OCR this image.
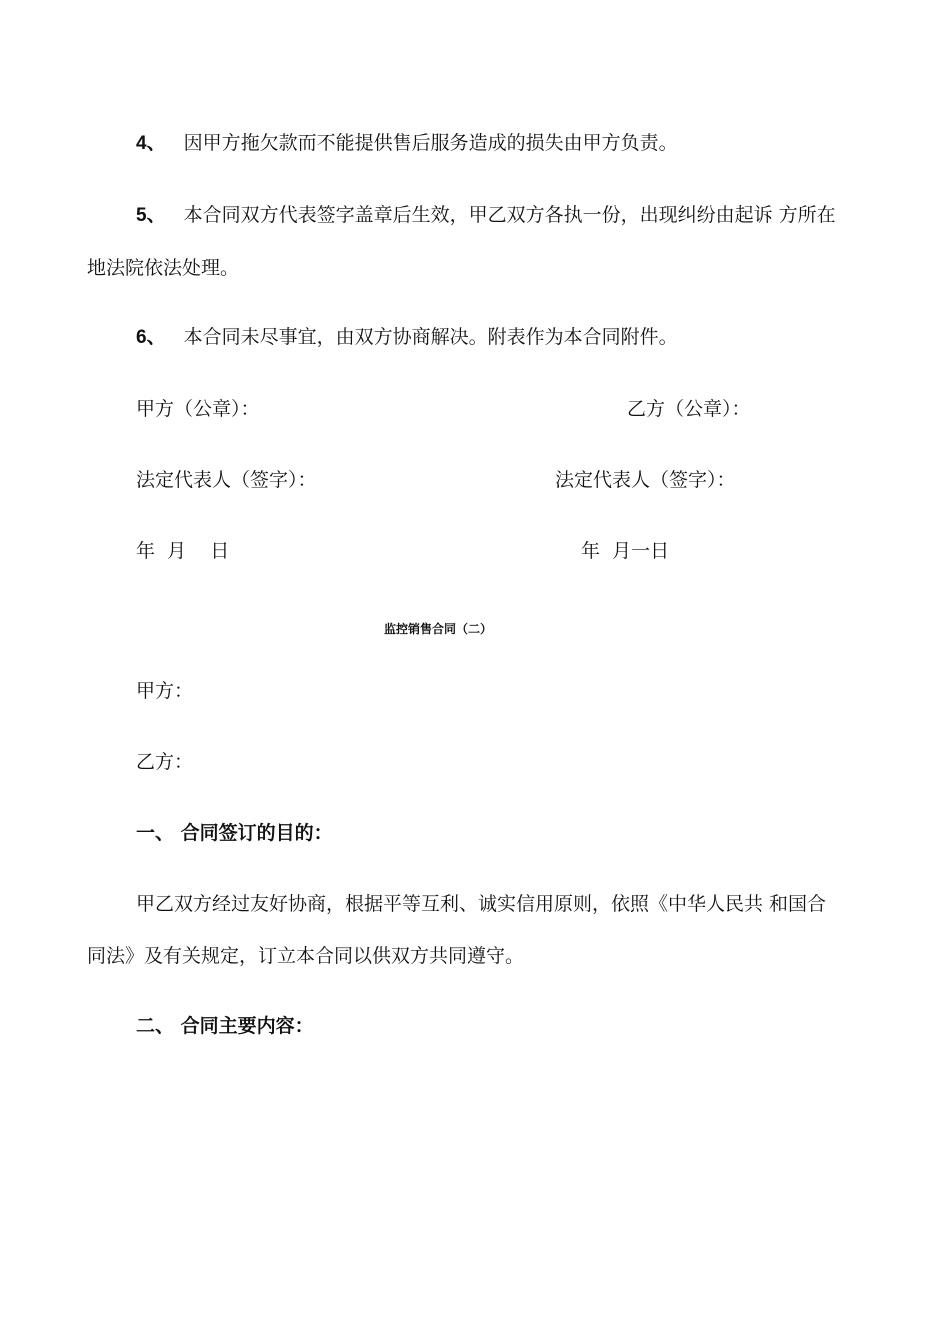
4、 因甲方拖欠款而不能提供售后服务造成的损失由甲方负责。
5、 本合同双方代表签字盖章后生效，甲乙双方各执一份，出现纠纷由起诉 方所在
地法院依法处理。
6、 本合同未尽事宜，由双方协商解决。附表作为本合同附件。
甲方（公章）：	乙方（公章）：
法定代表人（签字）：	法定代表人（签字）：
年  月    日	年  月一日
监控销售合同（二）
甲方：
乙方：
一、 合同签订的目的：
甲乙双方经过友好协商，根据平等互利、诚实信用原则，依照《中华人民共 和国合
同法》及有关规定，订立本合同以供双方共同遵守。
二、 合同主要内容：
